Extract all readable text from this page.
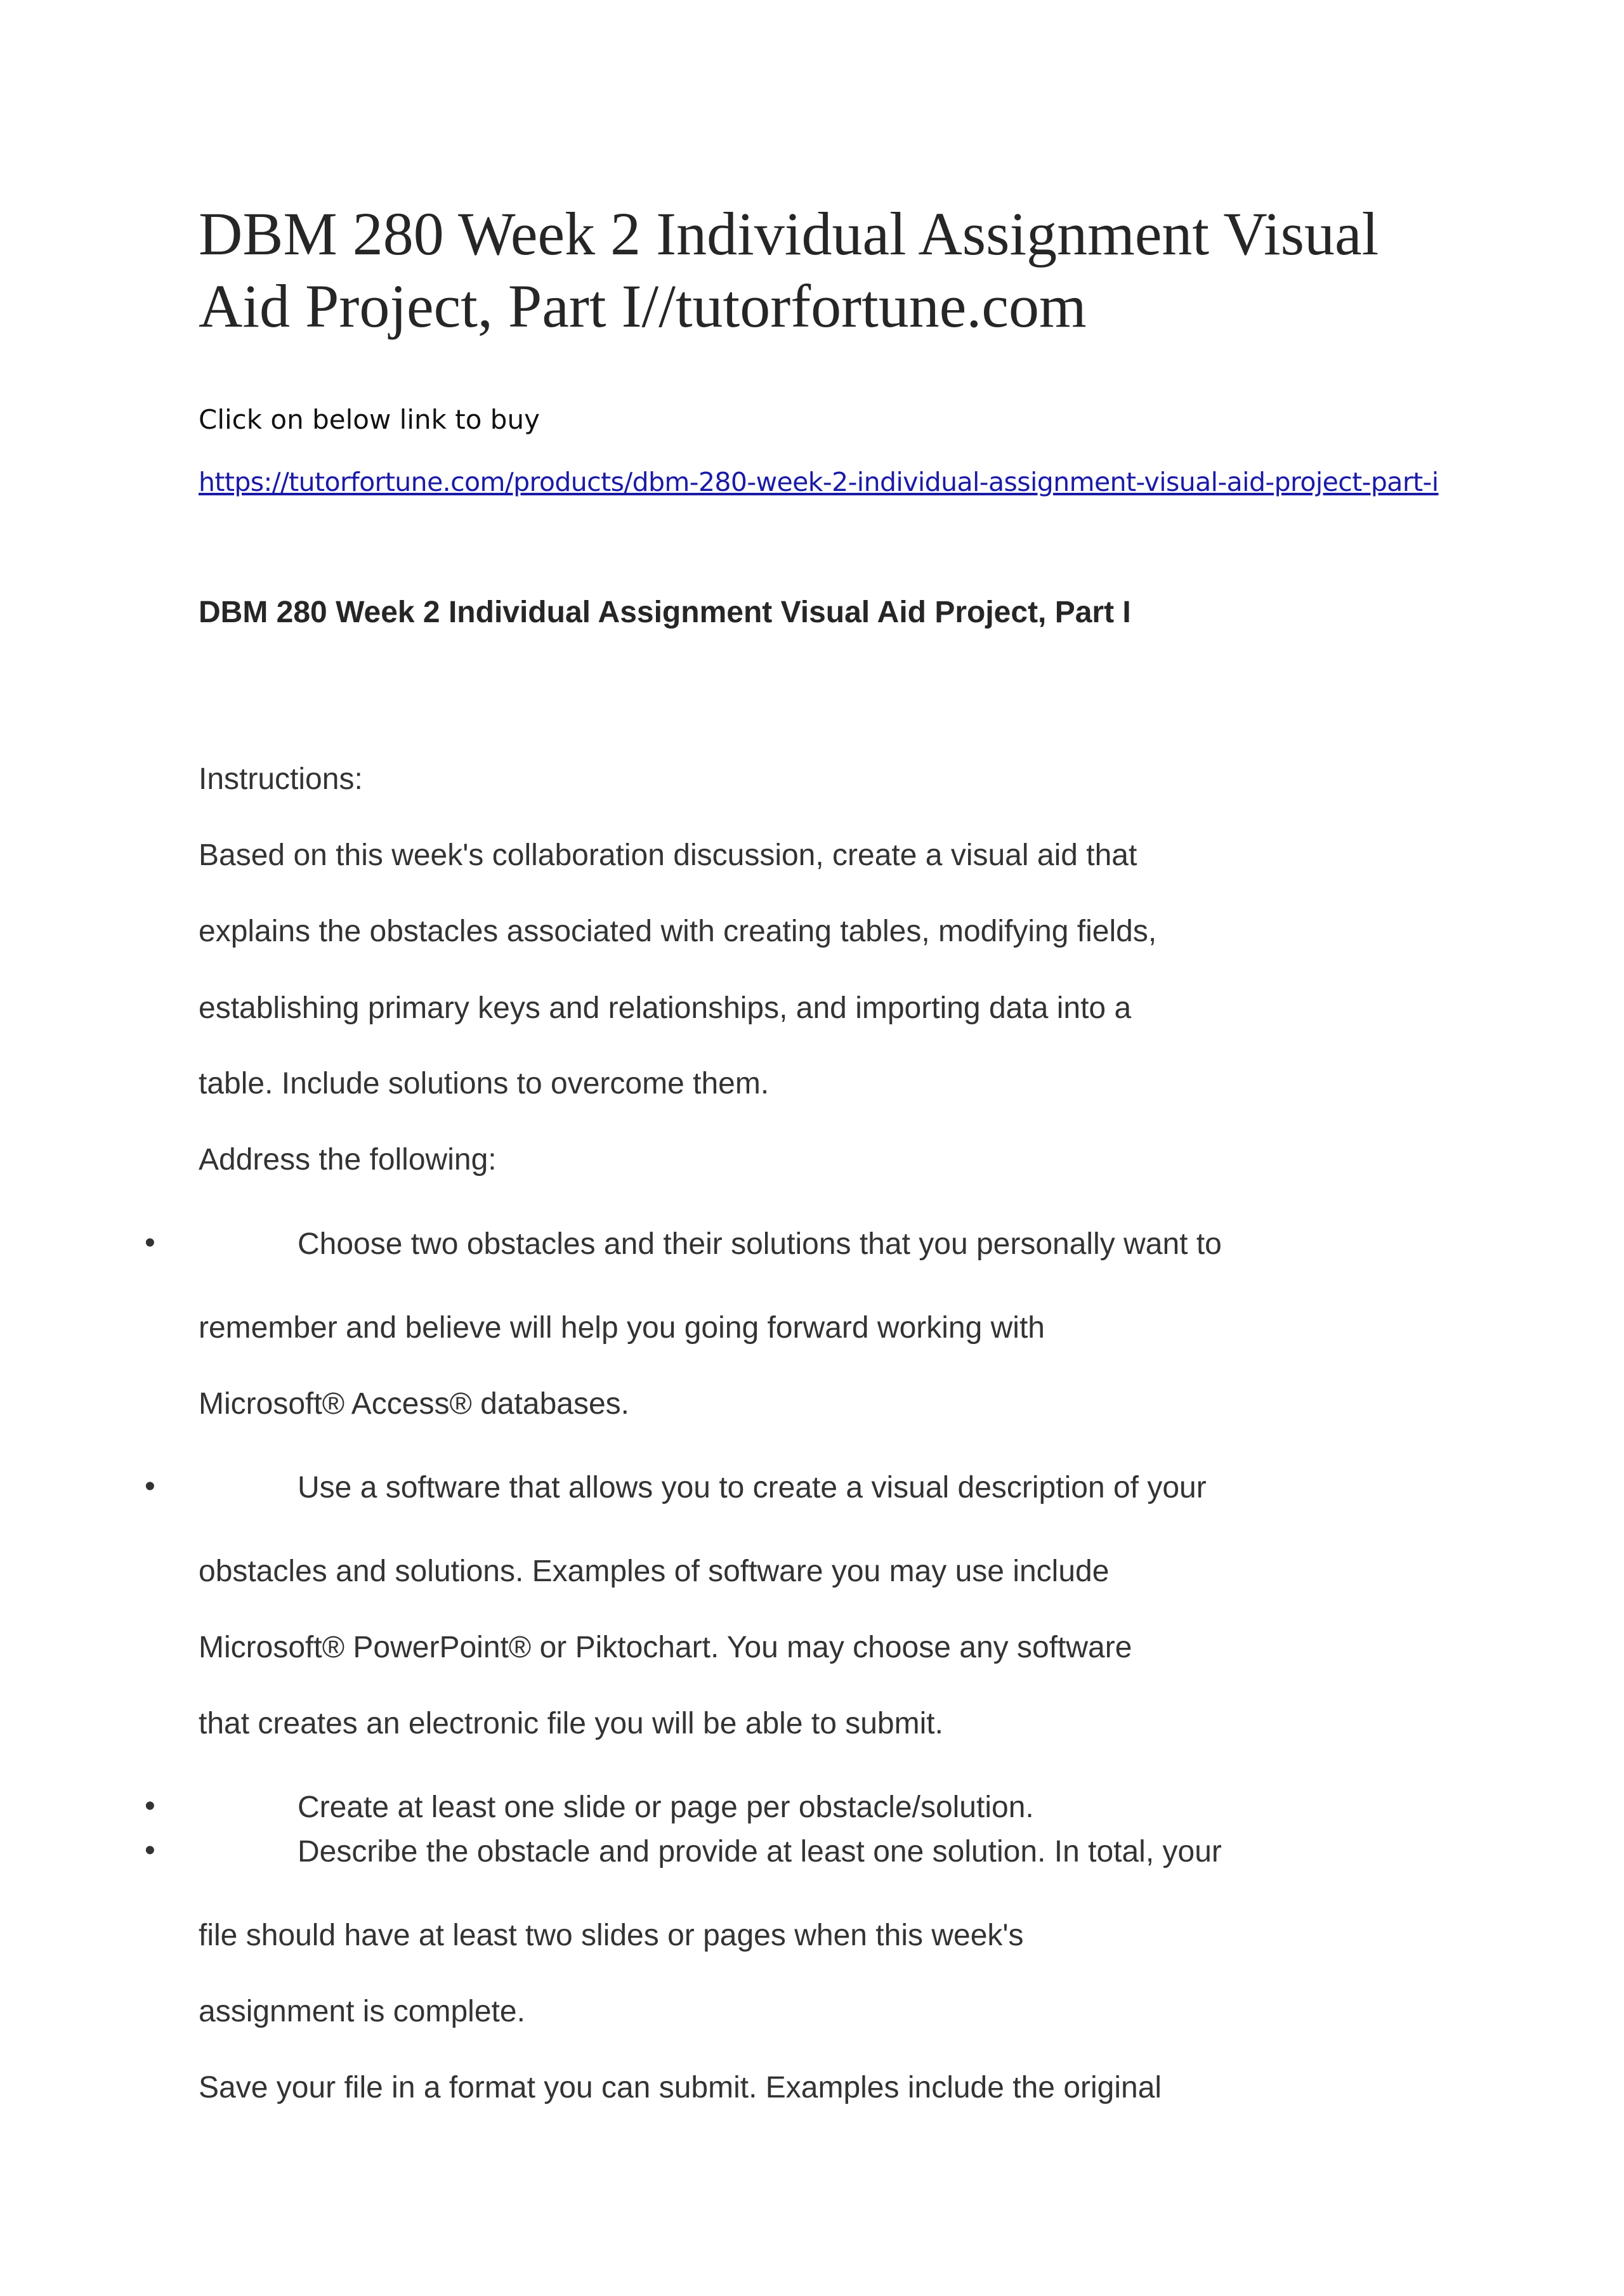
DBM 280 Week 2 Individual Assignment Visual
Aid Project, Part I//tutorfortune.com
Click on below link to buy
https://tutorfortune.com/products/dbm-280-week-2-individual-assignment-visual-aid-project-part-i
DBM 280 Week 2 Individual Assignment Visual Aid Project, Part I
Instructions:
Based on this week's collaboration discussion, create a visual aid that
explains the obstacles associated with creating tables, modifying fields,
establishing primary keys and relationships, and importing data into a
table. Include solutions to overcome them.
Address the following:
•	Choose two obstacles and their solutions that you personally want to
remember and believe will help you going forward working with
Microsoft® Access® databases.
•	Use a software that allows you to create a visual description of your
obstacles and solutions. Examples of software you may use include
Microsoft® PowerPoint® or Piktochart. You may choose any software
that creates an electronic file you will be able to submit.
•	Create at least one slide or page per obstacle/solution.
•	Describe the obstacle and provide at least one solution. In total, your
file should have at least two slides or pages when this week's
assignment is complete.
Save your file in a format you can submit. Examples include the original
